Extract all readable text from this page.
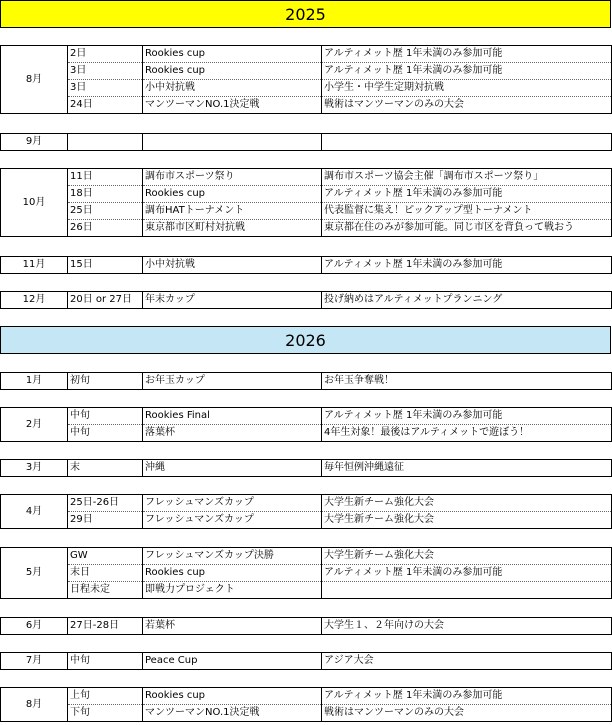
2025
8月	2日	Rookies cup	アルティメット歴 1年未満のみ参加可能
	3日	Rookies cup	アルティメット歴 1年未満のみ参加可能
	3日	小中対抗戦	小学生・中学生定期対抗戦
	24日	マンツーマンNO.1決定戦	戦術はマンツーマンのみの大会
9月			
10月	11日	調布市スポーツ祭り	調布市スポーツ協会主催「調布市スポーツ祭り」
	18日	Rookies cup	アルティメット歴 1年未満のみ参加可能
	25日	調布HATトーナメント	代表監督に集え！ピックアップ型トーナメント
	26日	東京都市区町村対抗戦	東京都在住のみが参加可能。同じ市区を背負って戦おう
11月	15日	小中対抗戦	アルティメット歴 1年未満のみ参加可能
12月	20日 or 27日	年末カップ	投げ納めはアルティメットプランニング
2026
1月	初旬	お年玉カップ	お年玉争奪戦！
2月	中旬	Rookies Final	アルティメット歴 1年未満のみ参加可能
	中旬	落葉杯	4年生対象！最後はアルティメットで遊ぼう！
3月	末	沖縄	毎年恒例沖縄遠征
4月	25日-26日	フレッシュマンズカップ	大学生新チーム強化大会
	29日	フレッシュマンズカップ	大学生新チーム強化大会
5月	GW	フレッシュマンズカップ決勝	大学生新チーム強化大会
	末日	Rookies cup	アルティメット歴 1年未満のみ参加可能
	日程未定	即戦力プロジェクト	
6月	27日-28日	若葉杯	大学生１、２年向けの大会
7月	中旬	Peace Cup	アジア大会
8月	上旬	Rookies cup	アルティメット歴 1年未満のみ参加可能
	下旬	マンツーマンNO.1決定戦	戦術はマンツーマンのみの大会
